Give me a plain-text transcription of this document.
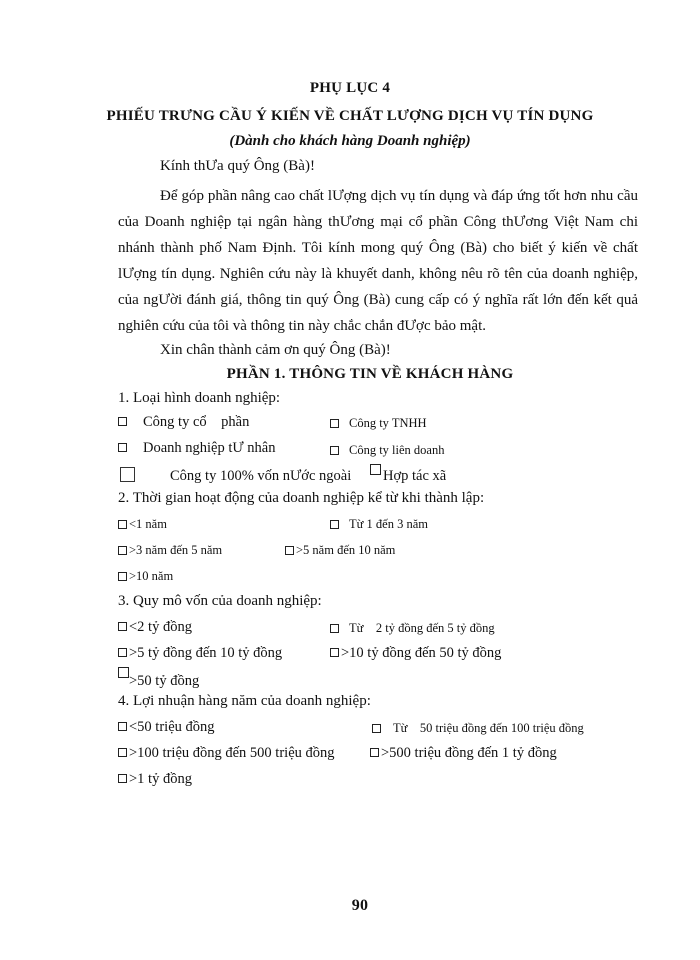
PHỤ LỤC 4
PHIẾU TRƯNG CẦU Ý KIẾN VỀ CHẤT LƯỢNG DỊCH VỤ TÍN DỤNG
(Dành cho khách hàng Doanh nghiệp)
Kính thƯa quý Ông (Bà)!
Để góp phần nâng cao chất lƯợng dịch vụ tín dụng và đáp ứng tốt hơn nhu cầu của Doanh nghiệp tại ngân hàng thƯơng mại cổ phần Công thƯơng Việt Nam chi nhánh thành phố Nam Định. Tôi kính mong quý Ông (Bà) cho biết ý kiến về chất lƯợng tín dụng. Nghiên cứu này là khuyết danh, không nêu rõ tên của doanh nghiệp, của ngƯời đánh giá, thông tin quý Ông (Bà) cung cấp có ý nghĩa rất lớn đến kết quả nghiên cứu của tôi và thông tin này chắc chắn đƯợc bảo mật.
Xin chân thành cảm ơn quý Ông (Bà)!
PHẦN 1. THÔNG TIN VỀ KHÁCH HÀNG
1. Loại hình doanh nghiệp:
Công ty cổ    phần	Công ty TNHH
Doanh nghiệp tƯ nhân	Công ty liên doanh
Công ty 100% vốn nƯớc ngoài Hợp tác xã
2. Thời gian hoạt động của doanh nghiệp kể từ khi thành lập:
<1 năm	Từ 1 đến 3 năm
>3 năm đến 5 năm	>5 năm đến 10 năm
>10 năm
3. Quy mô vốn của doanh nghiệp:
<2 tỷ đồng	Từ    2 tỷ đồng đến 5 tỷ đồng
>5 tỷ đồng đến 10 tỷ đồng	>10 tỷ đồng đến 50 tỷ đồng
>50 tỷ đồng
4. Lợi nhuận hàng năm của doanh nghiệp:
<50 triệu đồng	Từ    50 triệu đồng đến 100 triệu đồng
>100 triệu đồng đến 500 triệu đồng	>500 triệu đồng đến 1 tỷ đồng
>1 tỷ đồng
90
